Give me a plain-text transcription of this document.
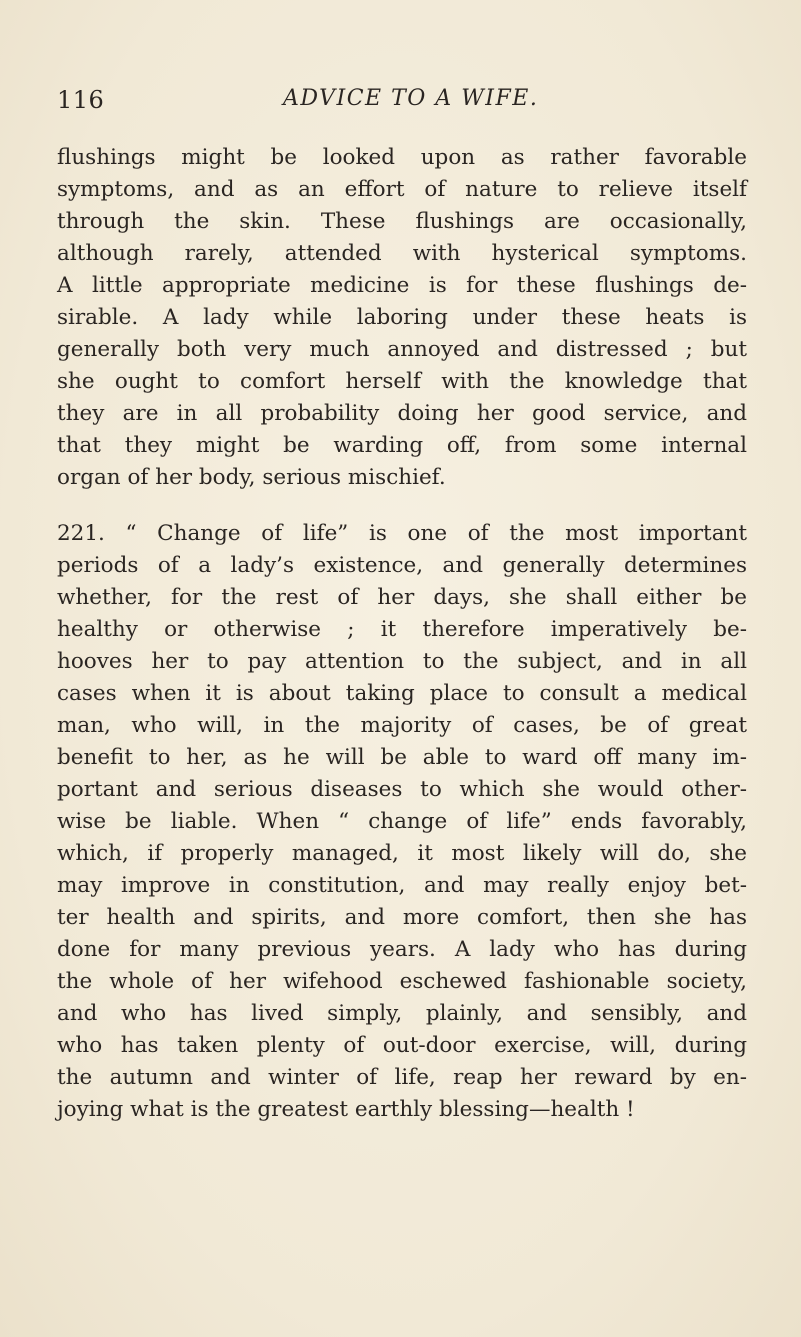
116	ADVICE TO A WIFE.
flushings might be looked upon as rather favorable
symptoms, and as an effort of nature to relieve itself
through the skin. These flushings are occasionally,
although rarely, attended with hysterical symptoms.
A little appropriate medicine is for these flushings de-
sirable. A lady while laboring under these heats is
generally both very much annoyed and distressed ; but
she ought to comfort herself with the knowledge that
they are in all probability doing her good service, and
that they might be warding off, from some internal
organ of her body, serious mischief.
221. “ Change of life” is one of the most important
periods of a lady’s existence, and generally determines
whether, for the rest of her days, she shall either be
healthy or otherwise ; it therefore imperatively be-
hooves her to pay attention to the subject, and in all
cases when it is about taking place to consult a medical
man, who will, in the majority of cases, be of great
benefit to her, as he will be able to ward off many im-
portant and serious diseases to which she would other-
wise be liable. When “ change of life” ends favorably,
which, if properly managed, it most likely will do, she
may improve in constitution, and may really enjoy bet-
ter health and spirits, and more comfort, then she has
done for many previous years. A lady who has during
the whole of her wifehood eschewed fashionable society,
and who has lived simply, plainly, and sensibly, and
who has taken plenty of out-door exercise, will, during
the autumn and winter of life, reap her reward by en-
joying what is the greatest earthly blessing—health !
